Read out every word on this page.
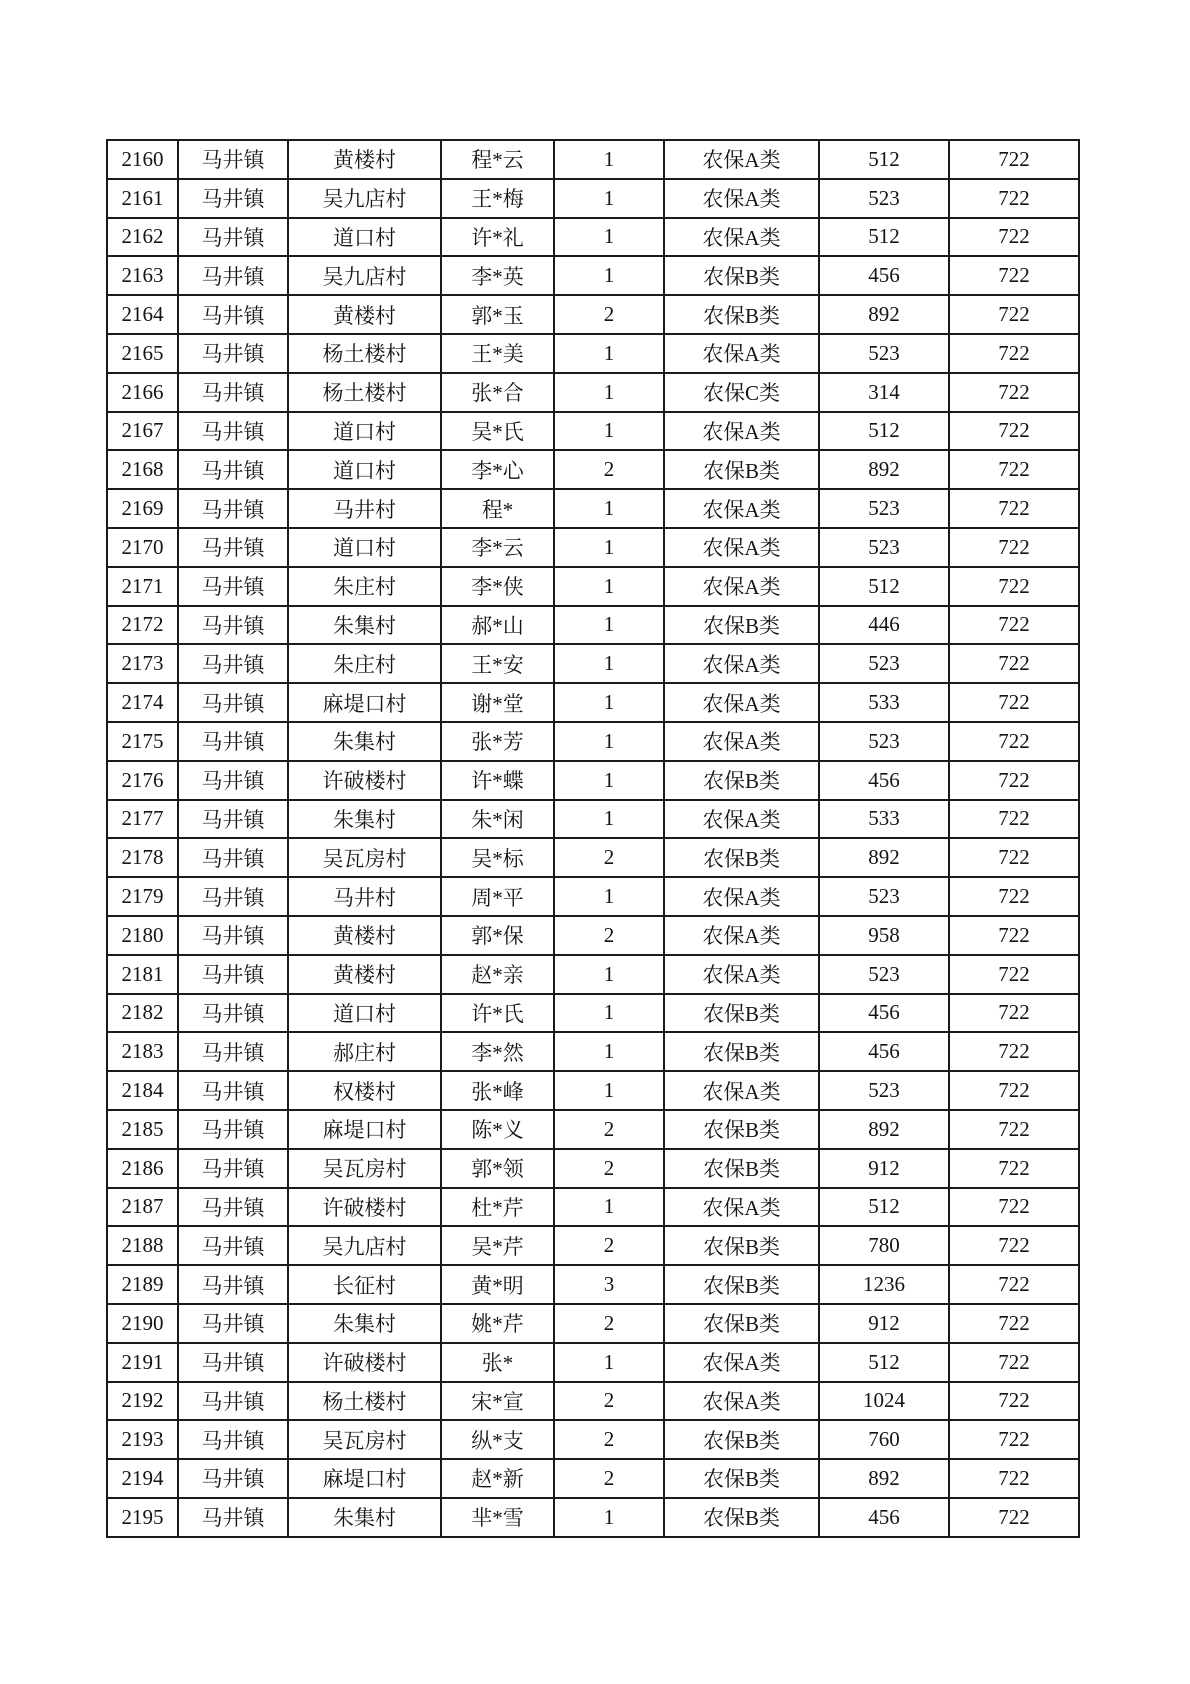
2160	马井镇	黄楼村	程*云	1	农保A类	512	722
2161	马井镇	吴九店村	王*梅	1	农保A类	523	722
2162	马井镇	道口村	许*礼	1	农保A类	512	722
2163	马井镇	吴九店村	李*英	1	农保B类	456	722
2164	马井镇	黄楼村	郭*玉	2	农保B类	892	722
2165	马井镇	杨土楼村	王*美	1	农保A类	523	722
2166	马井镇	杨土楼村	张*合	1	农保C类	314	722
2167	马井镇	道口村	吴*氏	1	农保A类	512	722
2168	马井镇	道口村	李*心	2	农保B类	892	722
2169	马井镇	马井村	程*	1	农保A类	523	722
2170	马井镇	道口村	李*云	1	农保A类	523	722
2171	马井镇	朱庄村	李*侠	1	农保A类	512	722
2172	马井镇	朱集村	郝*山	1	农保B类	446	722
2173	马井镇	朱庄村	王*安	1	农保A类	523	722
2174	马井镇	麻堤口村	谢*堂	1	农保A类	533	722
2175	马井镇	朱集村	张*芳	1	农保A类	523	722
2176	马井镇	许破楼村	许*蝶	1	农保B类	456	722
2177	马井镇	朱集村	朱*闲	1	农保A类	533	722
2178	马井镇	吴瓦房村	吴*标	2	农保B类	892	722
2179	马井镇	马井村	周*平	1	农保A类	523	722
2180	马井镇	黄楼村	郭*保	2	农保A类	958	722
2181	马井镇	黄楼村	赵*亲	1	农保A类	523	722
2182	马井镇	道口村	许*氏	1	农保B类	456	722
2183	马井镇	郝庄村	李*然	1	农保B类	456	722
2184	马井镇	权楼村	张*峰	1	农保A类	523	722
2185	马井镇	麻堤口村	陈*义	2	农保B类	892	722
2186	马井镇	吴瓦房村	郭*领	2	农保B类	912	722
2187	马井镇	许破楼村	杜*芹	1	农保A类	512	722
2188	马井镇	吴九店村	吴*芹	2	农保B类	780	722
2189	马井镇	长征村	黄*明	3	农保B类	1236	722
2190	马井镇	朱集村	姚*芹	2	农保B类	912	722
2191	马井镇	许破楼村	张*	1	农保A类	512	722
2192	马井镇	杨土楼村	宋*宣	2	农保A类	1024	722
2193	马井镇	吴瓦房村	纵*支	2	农保B类	760	722
2194	马井镇	麻堤口村	赵*新	2	农保B类	892	722
2195	马井镇	朱集村	芈*雪	1	农保B类	456	722
